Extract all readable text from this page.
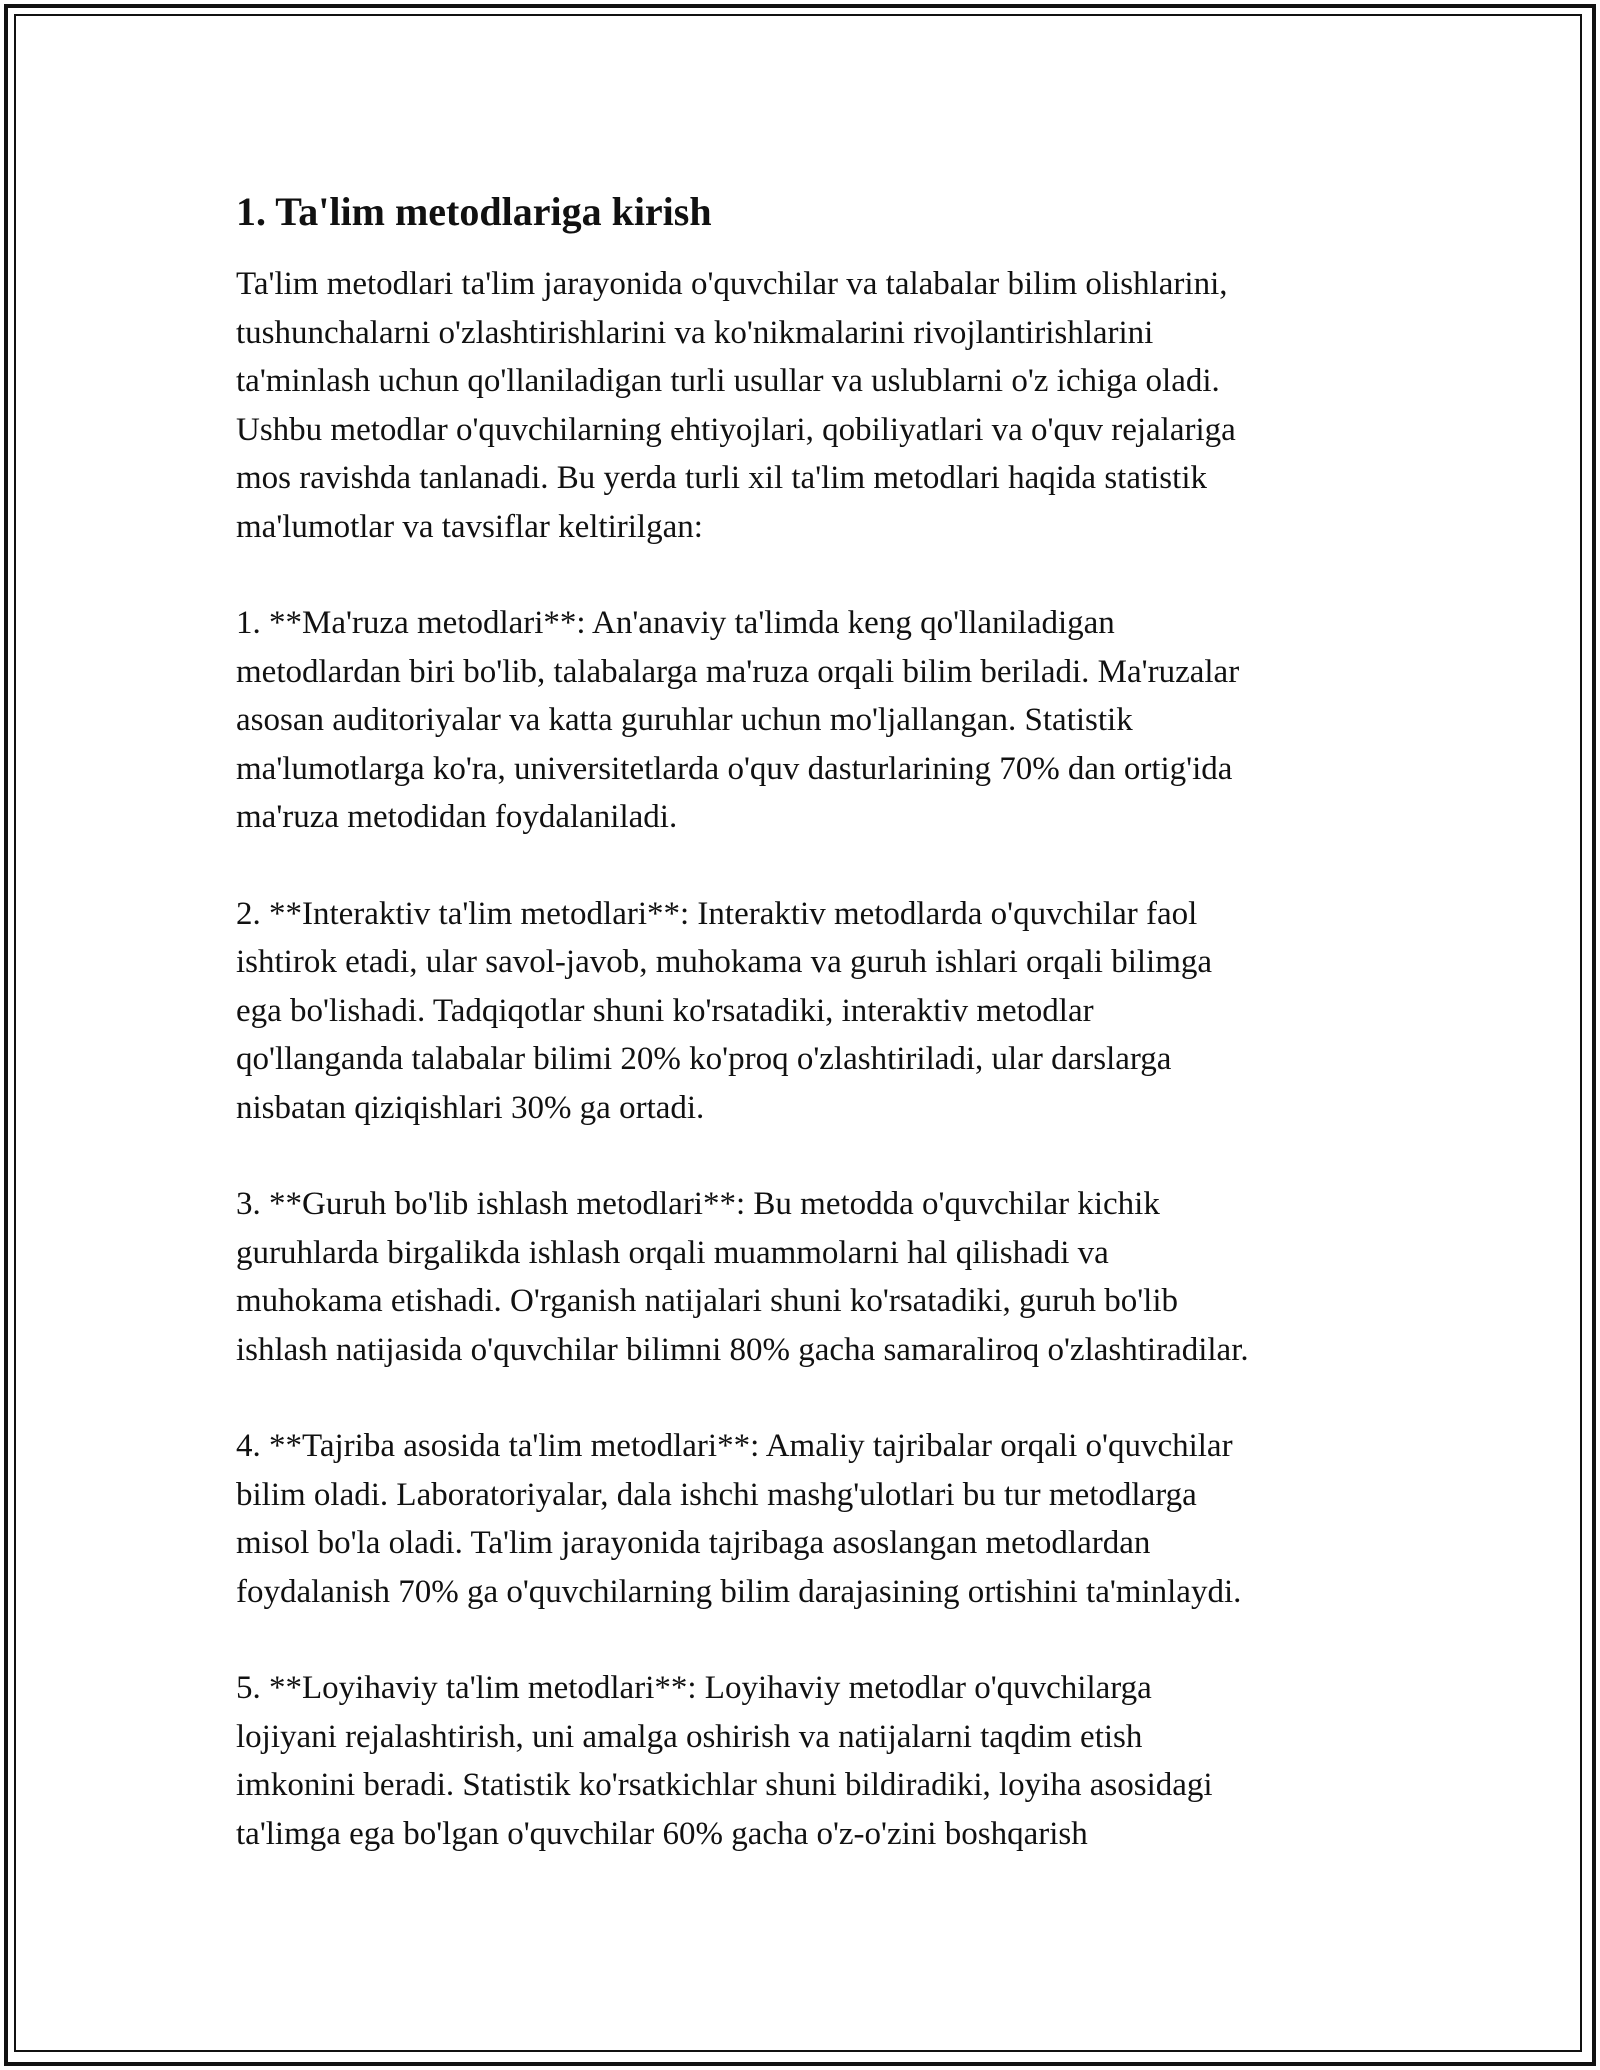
1. Ta'lim metodlariga kirish

Ta'lim metodlari ta'lim jarayonida o'quvchilar va talabalar bilim olishlarini,
tushunchalarni o'zlashtirishlarini va ko'nikmalarini rivojlantirishlarini
ta'minlash uchun qo'llaniladigan turli usullar va uslublarni o'z ichiga oladi.
Ushbu metodlar o'quvchilarning ehtiyojlari, qobiliyatlari va o'quv rejalariga
mos ravishda tanlanadi. Bu yerda turli xil ta'lim metodlari haqida statistik
ma'lumotlar va tavsiflar keltirilgan:

1. **Ma'ruza metodlari**: An'anaviy ta'limda keng qo'llaniladigan
metodlardan biri bo'lib, talabalarga ma'ruza orqali bilim beriladi. Ma'ruzalar
asosan auditoriyalar va katta guruhlar uchun mo'ljallangan. Statistik
ma'lumotlarga ko'ra, universitetlarda o'quv dasturlarining 70% dan ortig'ida
ma'ruza metodidan foydalaniladi.

2. **Interaktiv ta'lim metodlari**: Interaktiv metodlarda o'quvchilar faol
ishtirok etadi, ular savol-javob, muhokama va guruh ishlari orqali bilimga
ega bo'lishadi. Tadqiqotlar shuni ko'rsatadiki, interaktiv metodlar
qo'llanganda talabalar bilimi 20% ko'proq o'zlashtiriladi, ular darslarga
nisbatan qiziqishlari 30% ga ortadi.

3. **Guruh bo'lib ishlash metodlari**: Bu metodda o'quvchilar kichik
guruhlarda birgalikda ishlash orqali muammolarni hal qilishadi va
muhokama etishadi. O'rganish natijalari shuni ko'rsatadiki, guruh bo'lib
ishlash natijasida o'quvchilar bilimni 80% gacha samaraliroq o'zlashtiradilar.

4. **Tajriba asosida ta'lim metodlari**: Amaliy tajribalar orqali o'quvchilar
bilim oladi. Laboratoriyalar, dala ishchi mashg'ulotlari bu tur metodlarga
misol bo'la oladi. Ta'lim jarayonida tajribaga asoslangan metodlardan
foydalanish 70% ga o'quvchilarning bilim darajasining ortishini ta'minlaydi.

5. **Loyihaviy ta'lim metodlari**: Loyihaviy metodlar o'quvchilarga
lojiyani rejalashtirish, uni amalga oshirish va natijalarni taqdim etish
imkonini beradi. Statistik ko'rsatkichlar shuni bildiradiki, loyiha asosidagi
ta'limga ega bo'lgan o'quvchilar 60% gacha o'z-o'zini boshqarish
